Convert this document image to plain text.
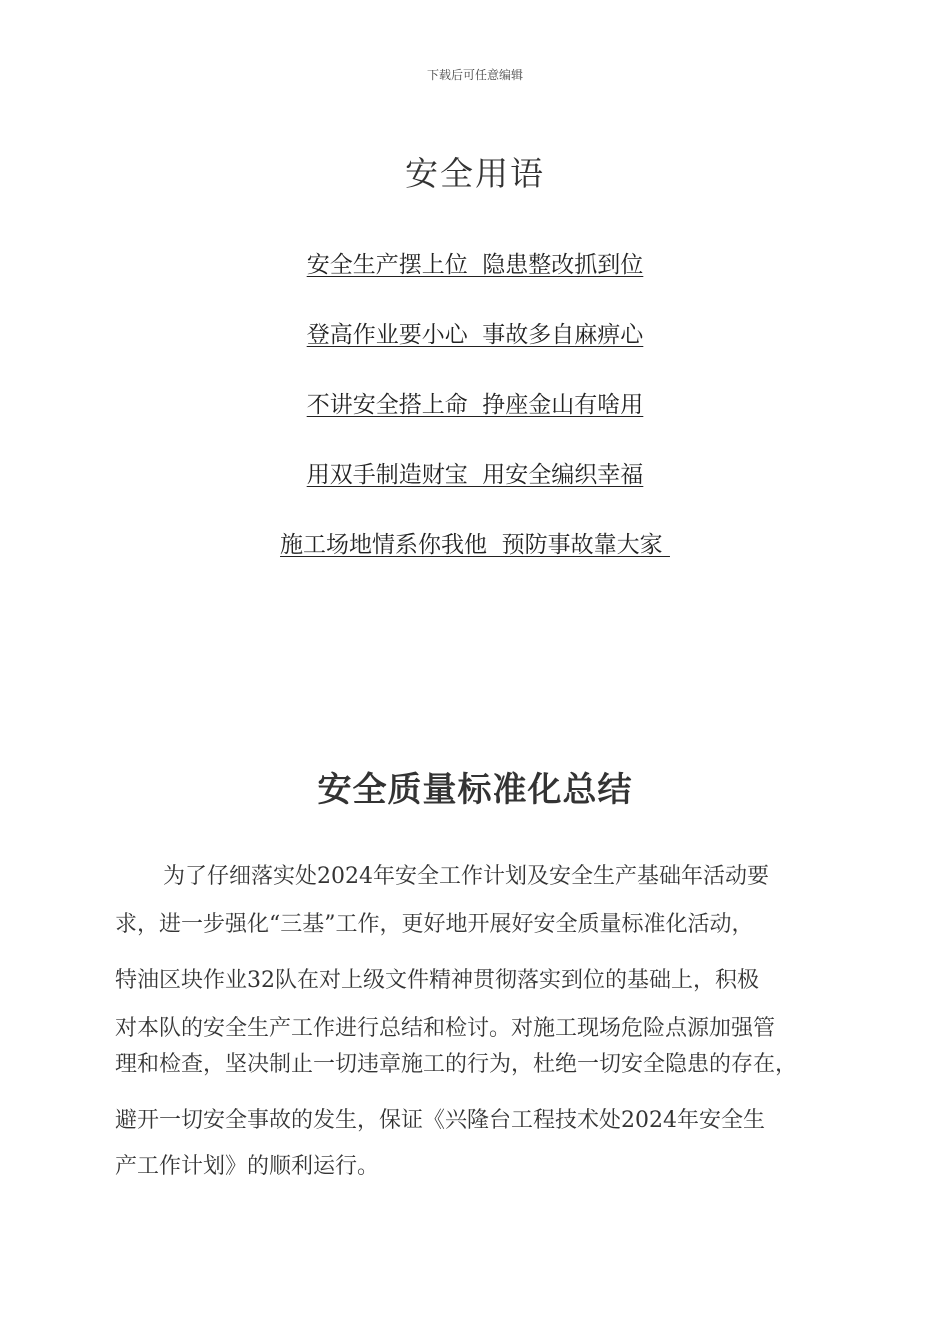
下载后可任意编辑
安全用语
安全生产摆上位  隐患整改抓到位
登高作业要小心  事故多自麻痹心
不讲安全搭上命  挣座金山有啥用
用双手制造财宝  用安全编织幸福
施工场地情系你我他  预防事故靠大家
安全质量标准化总结
为了仔细落实处2024年安全工作计划及安全生产基础年活动要
求，进一步强化“三基”工作，更好地开展好安全质量标准化活动，
特油区块作业32队在对上级文件精神贯彻落实到位的基础上，积极
对本队的安全生产工作进行总结和检讨。对施工现场危险点源加强管
理和检查，坚决制止一切违章施工的行为，杜绝一切安全隐患的存在，
避开一切安全事故的发生，保证《兴隆台工程技术处2024年安全生
产工作计划》的顺利运行。
